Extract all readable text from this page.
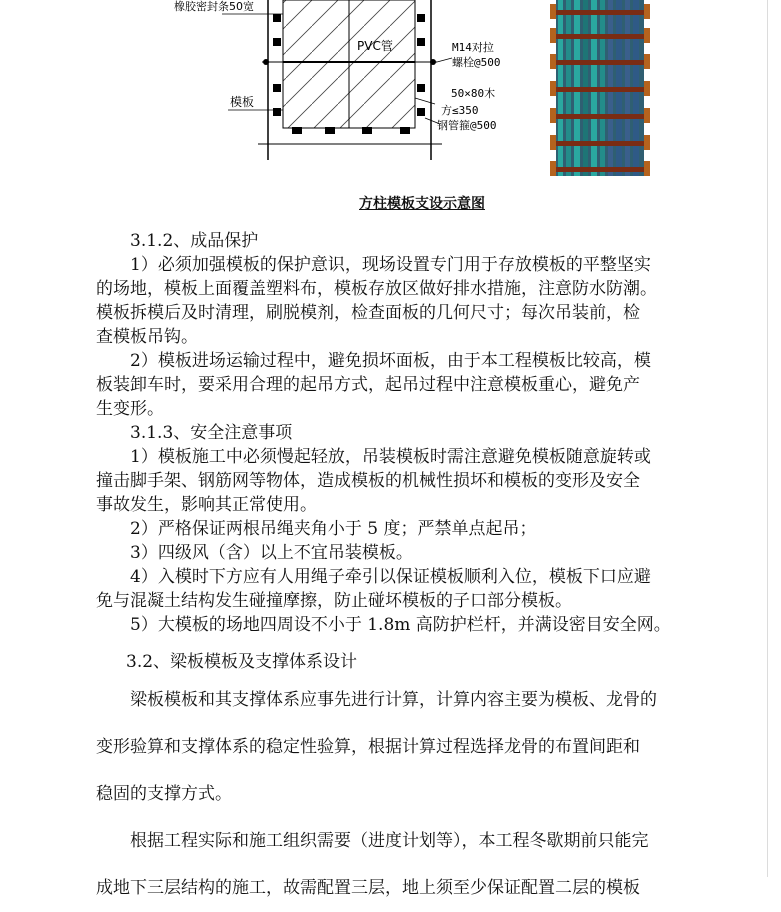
橡胶密封条50宽
PVC管	M14对拉
螺栓@500
模板
50×80木
方≤350
钢管箍@500
方柱模板支设示意图
3.1.2、成品保护
1）必须加强模板的保护意识，现场设置专门用于存放模板的平整坚实
的场地，模板上面覆盖塑料布，模板存放区做好排水措施，注意防水防潮。
模板拆模后及时清理，刷脱模剂，检查面板的几何尺寸；每次吊装前，检
查模板吊钩。
2）模板进场运输过程中，避免损坏面板，由于本工程模板比较高，模
板装卸车时，要采用合理的起吊方式，起吊过程中注意模板重心，避免产
生变形。
3.1.3、安全注意事项
1）模板施工中必须慢起轻放，吊装模板时需注意避免模板随意旋转或
撞击脚手架、钢筋网等物体，造成模板的机械性损坏和模板的变形及安全
事故发生，影响其正常使用。
2）严格保证两根吊绳夹角小于 5 度；严禁单点起吊；
3）四级风（含）以上不宜吊装模板。
4）入模时下方应有人用绳子牵引以保证模板顺利入位，模板下口应避
免与混凝土结构发生碰撞摩擦，防止碰坏模板的子口部分模板。
5）大模板的场地四周设不小于 1.8m 高防护栏杆，并满设密目安全网。
3.2、梁板模板及支撑体系设计
梁板模板和其支撑体系应事先进行计算，计算内容主要为模板、龙骨的
变形验算和支撑体系的稳定性验算，根据计算过程选择龙骨的布置间距和
稳固的支撑方式。
根据工程实际和施工组织需要（进度计划等），本工程冬歇期前只能完
成地下三层结构的施工，故需配置三层，地上须至少保证配置二层的模板
